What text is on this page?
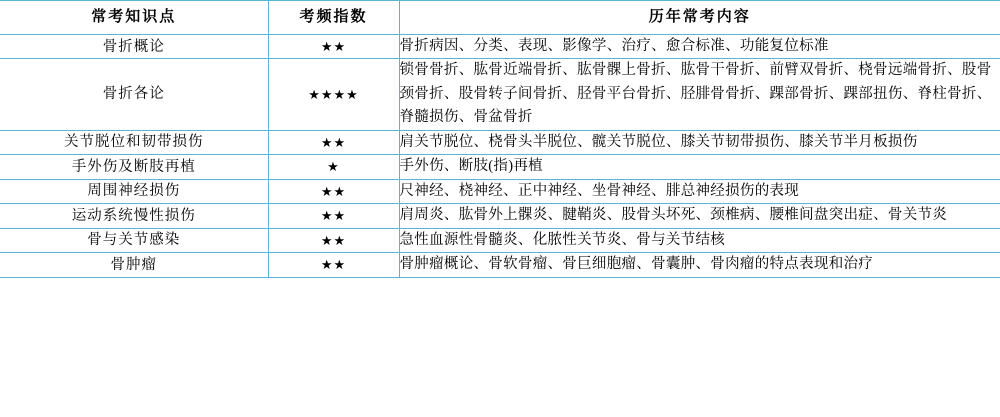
常考知识点	考频指数	历年常考内容
骨折概论	★★	骨折病因、分类、表现、影像学、治疗、愈合标准、功能复位标准
骨折各论	★★★★	锁骨骨折、肱骨近端骨折、肱骨髁上骨折、肱骨干骨折、前臂双骨折、桡骨远端骨折、股骨颈骨折、股骨转子间骨折、胫骨平台骨折、胫腓骨骨折、踝部骨折、踝部扭伤、脊柱骨折、脊髓损伤、骨盆骨折
关节脱位和韧带损伤	★★	肩关节脱位、桡骨头半脱位、髋关节脱位、膝关节韧带损伤、膝关节半月板损伤
手外伤及断肢再植	★	手外伤、断肢(指)再植
周围神经损伤	★★	尺神经、桡神经、正中神经、坐骨神经、腓总神经损伤的表现
运动系统慢性损伤	★★	肩周炎、肱骨外上髁炎、腱鞘炎、股骨头坏死、颈椎病、腰椎间盘突出症、骨关节炎
骨与关节感染	★★	急性血源性骨髓炎、化脓性关节炎、骨与关节结核
骨肿瘤	★★	骨肿瘤概论、骨软骨瘤、骨巨细胞瘤、骨囊肿、骨肉瘤的特点表现和治疗
